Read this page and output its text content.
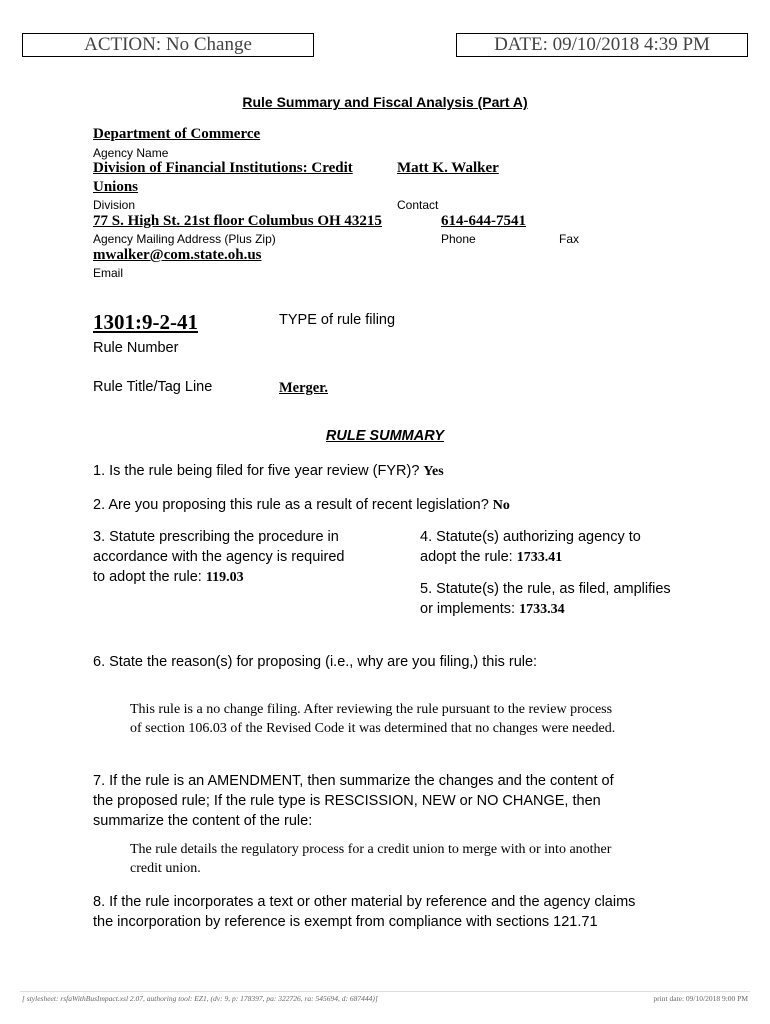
ACTION: No Change	DATE: 09/10/2018 4:39 PM
Rule Summary and Fiscal Analysis (Part A)
Department of Commerce
Agency Name
Division of Financial Institutions: Credit
Unions
Matt K. Walker
Division	Contact
77 S. High St. 21st floor Columbus OH 43215	614-644-7541
Agency Mailing Address (Plus Zip)	Phone	Fax
mwalker@com.state.oh.us
Email
1301:9-2-41	TYPE of rule filing
Rule Number
Rule Title/Tag Line	Merger.
RULE SUMMARY
1. Is the rule being filed for five year review (FYR)? Yes
2. Are you proposing this rule as a result of recent legislation? No
3. Statute prescribing the procedure in
accordance with the agency is required
to adopt the rule: 119.03
4. Statute(s) authorizing agency to
adopt the rule: 1733.41
5. Statute(s) the rule, as filed, amplifies
or implements: 1733.34
6. State the reason(s) for proposing (i.e., why are you filing,) this rule:
This rule is a no change filing. After reviewing the rule pursuant to the review process
of section 106.03 of the Revised Code it was determined that no changes were needed.
7. If the rule is an AMENDMENT, then summarize the changes and the content of
the proposed rule; If the rule type is RESCISSION, NEW or NO CHANGE, then
summarize the content of the rule:
The rule details the regulatory process for a credit union to merge with or into another
credit union.
8. If the rule incorporates a text or other material by reference and the agency claims
the incorporation by reference is exempt from compliance with sections 121.71
[ stylesheet: rsfaWithBusImpact.xsl 2.07, authoring tool: EZ1, (dv: 9, p: 178397, pa: 322726, ra: 545694, d: 687444)]	print date: 09/10/2018 9:00 PM
